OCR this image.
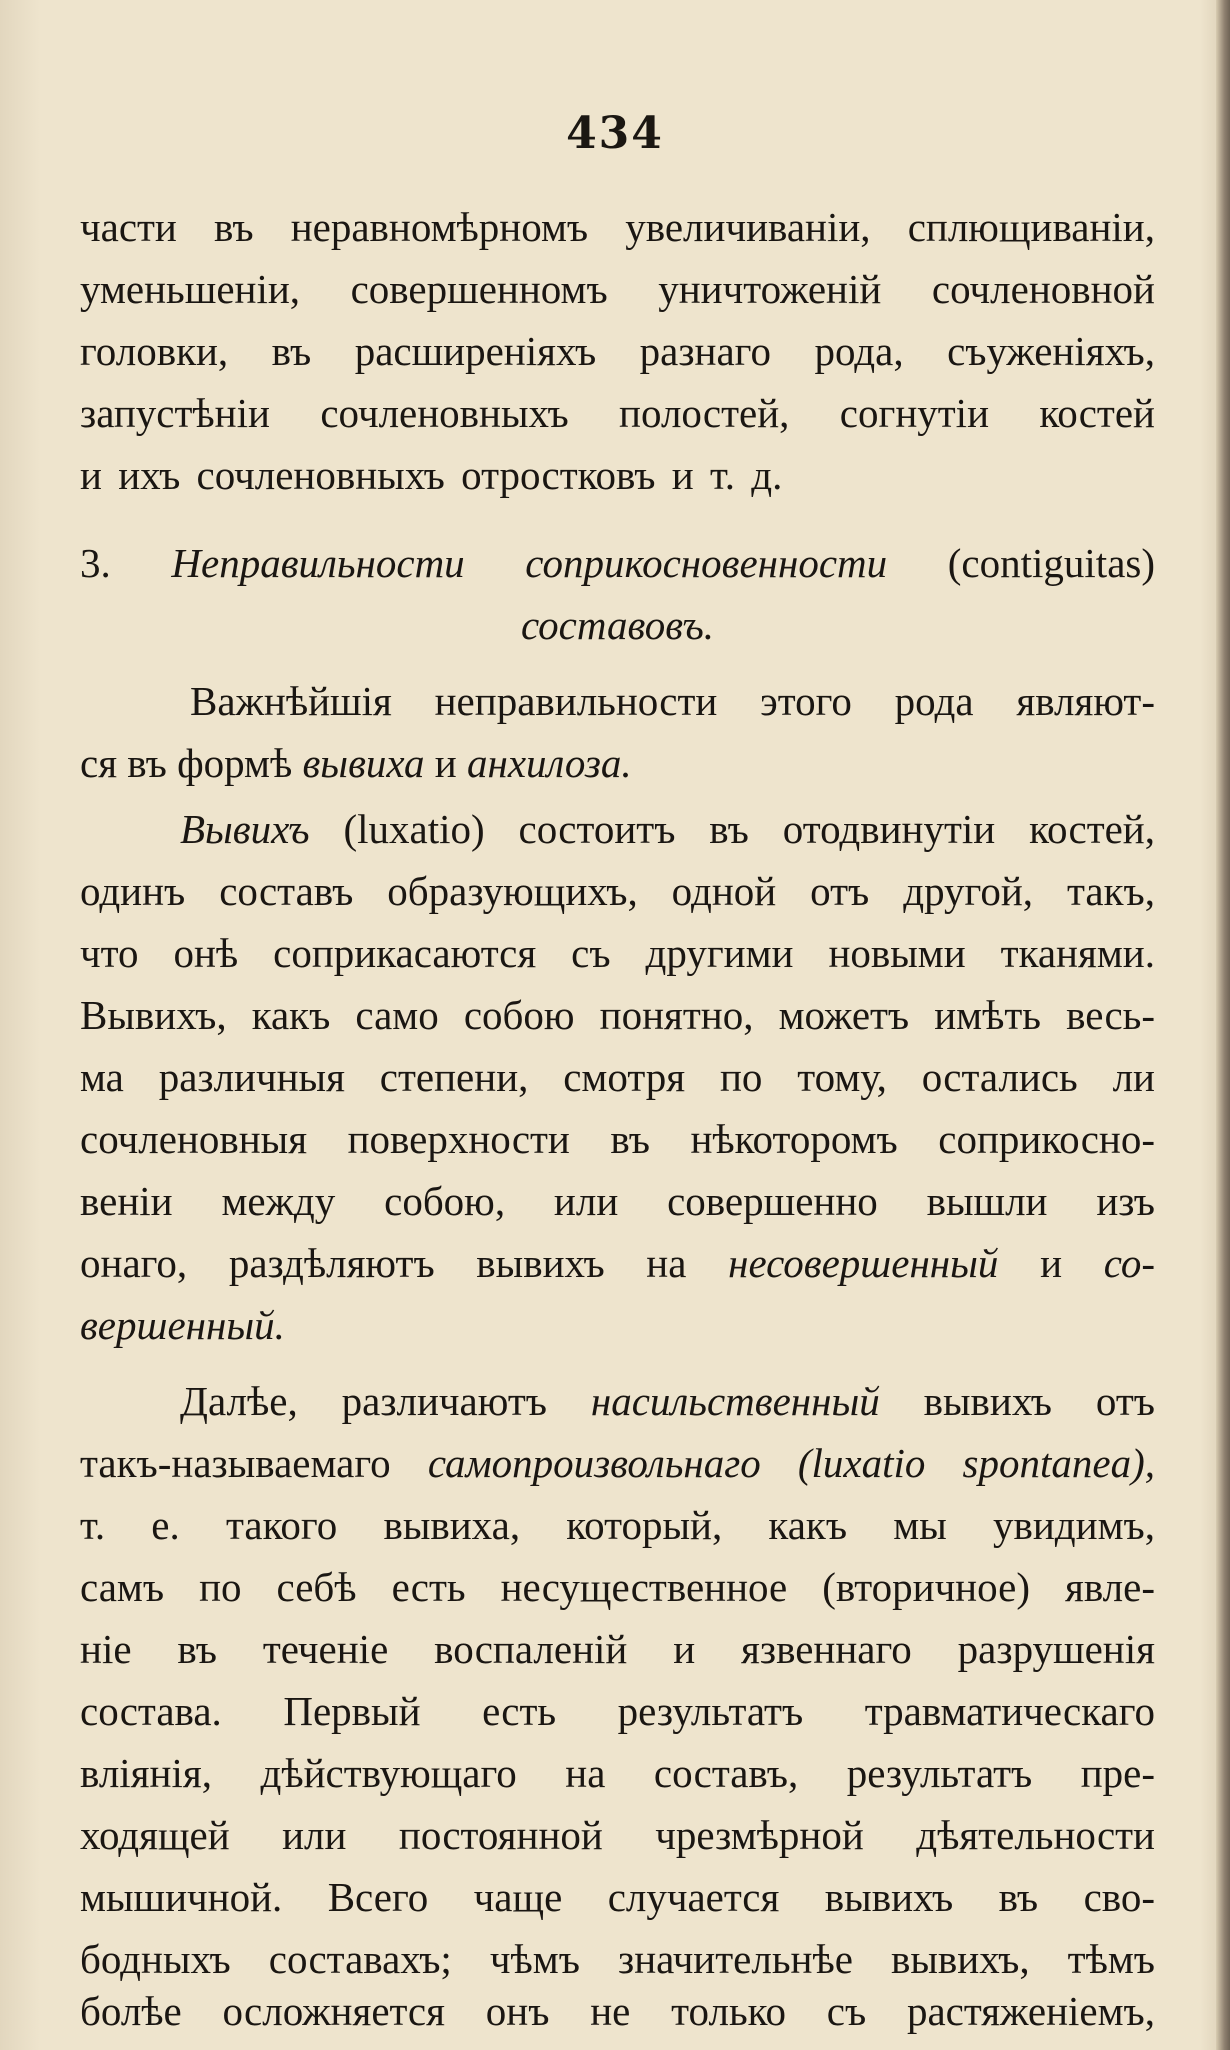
434
части въ неравномѣрномъ увеличиваніи, сплющиваніи,
уменьшеніи, совершенномъ уничтоженій сочленовной
головки, въ расширеніяхъ разнаго рода, съуженіяхъ,
запустѣніи сочленовныхъ полостей, согнутіи костей
и ихъ сочленовныхъ отростковъ и т. д.
3. Неправильности соприкосновенности (contiguitas)
составовъ.
Важнѣйшія неправильности этого рода являют-
ся въ формѣ вывиха и анхилоза.
Вывихъ (luxatio) состоитъ въ отодвинутіи костей,
одинъ составъ образующихъ, одной отъ другой, такъ,
что онѣ соприкасаются съ другими новыми тканями.
Вывихъ, какъ само собою понятно, можетъ имѣть весь-
ма различныя степени, смотря по тому, остались ли
сочленовныя поверхности въ нѣкоторомъ соприкосно-
веніи между собою, или совершенно вышли изъ
онаго, раздѣляютъ вывихъ на несовершенный и со-
вершенный.
Далѣе, различаютъ насильственный вывихъ отъ
такъ-называемаго самопроизвольнаго (luxatio spontanea),
т. е. такого вывиха, который, какъ мы увидимъ,
самъ по себѣ есть несущественное (вторичное) явле-
ніе въ теченіе воспаленій и язвеннаго разрушенія
состава. Первый есть результатъ травматическаго
вліянія, дѣйствующаго на составъ, результатъ пре-
ходящей или постоянной чрезмѣрной дѣятельности
мышичной. Всего чаще случается вывихъ въ сво-
бодныхъ составахъ; чѣмъ значительнѣе вывихъ, тѣмъ
болѣе осложняется онъ не только съ растяженіемъ,
